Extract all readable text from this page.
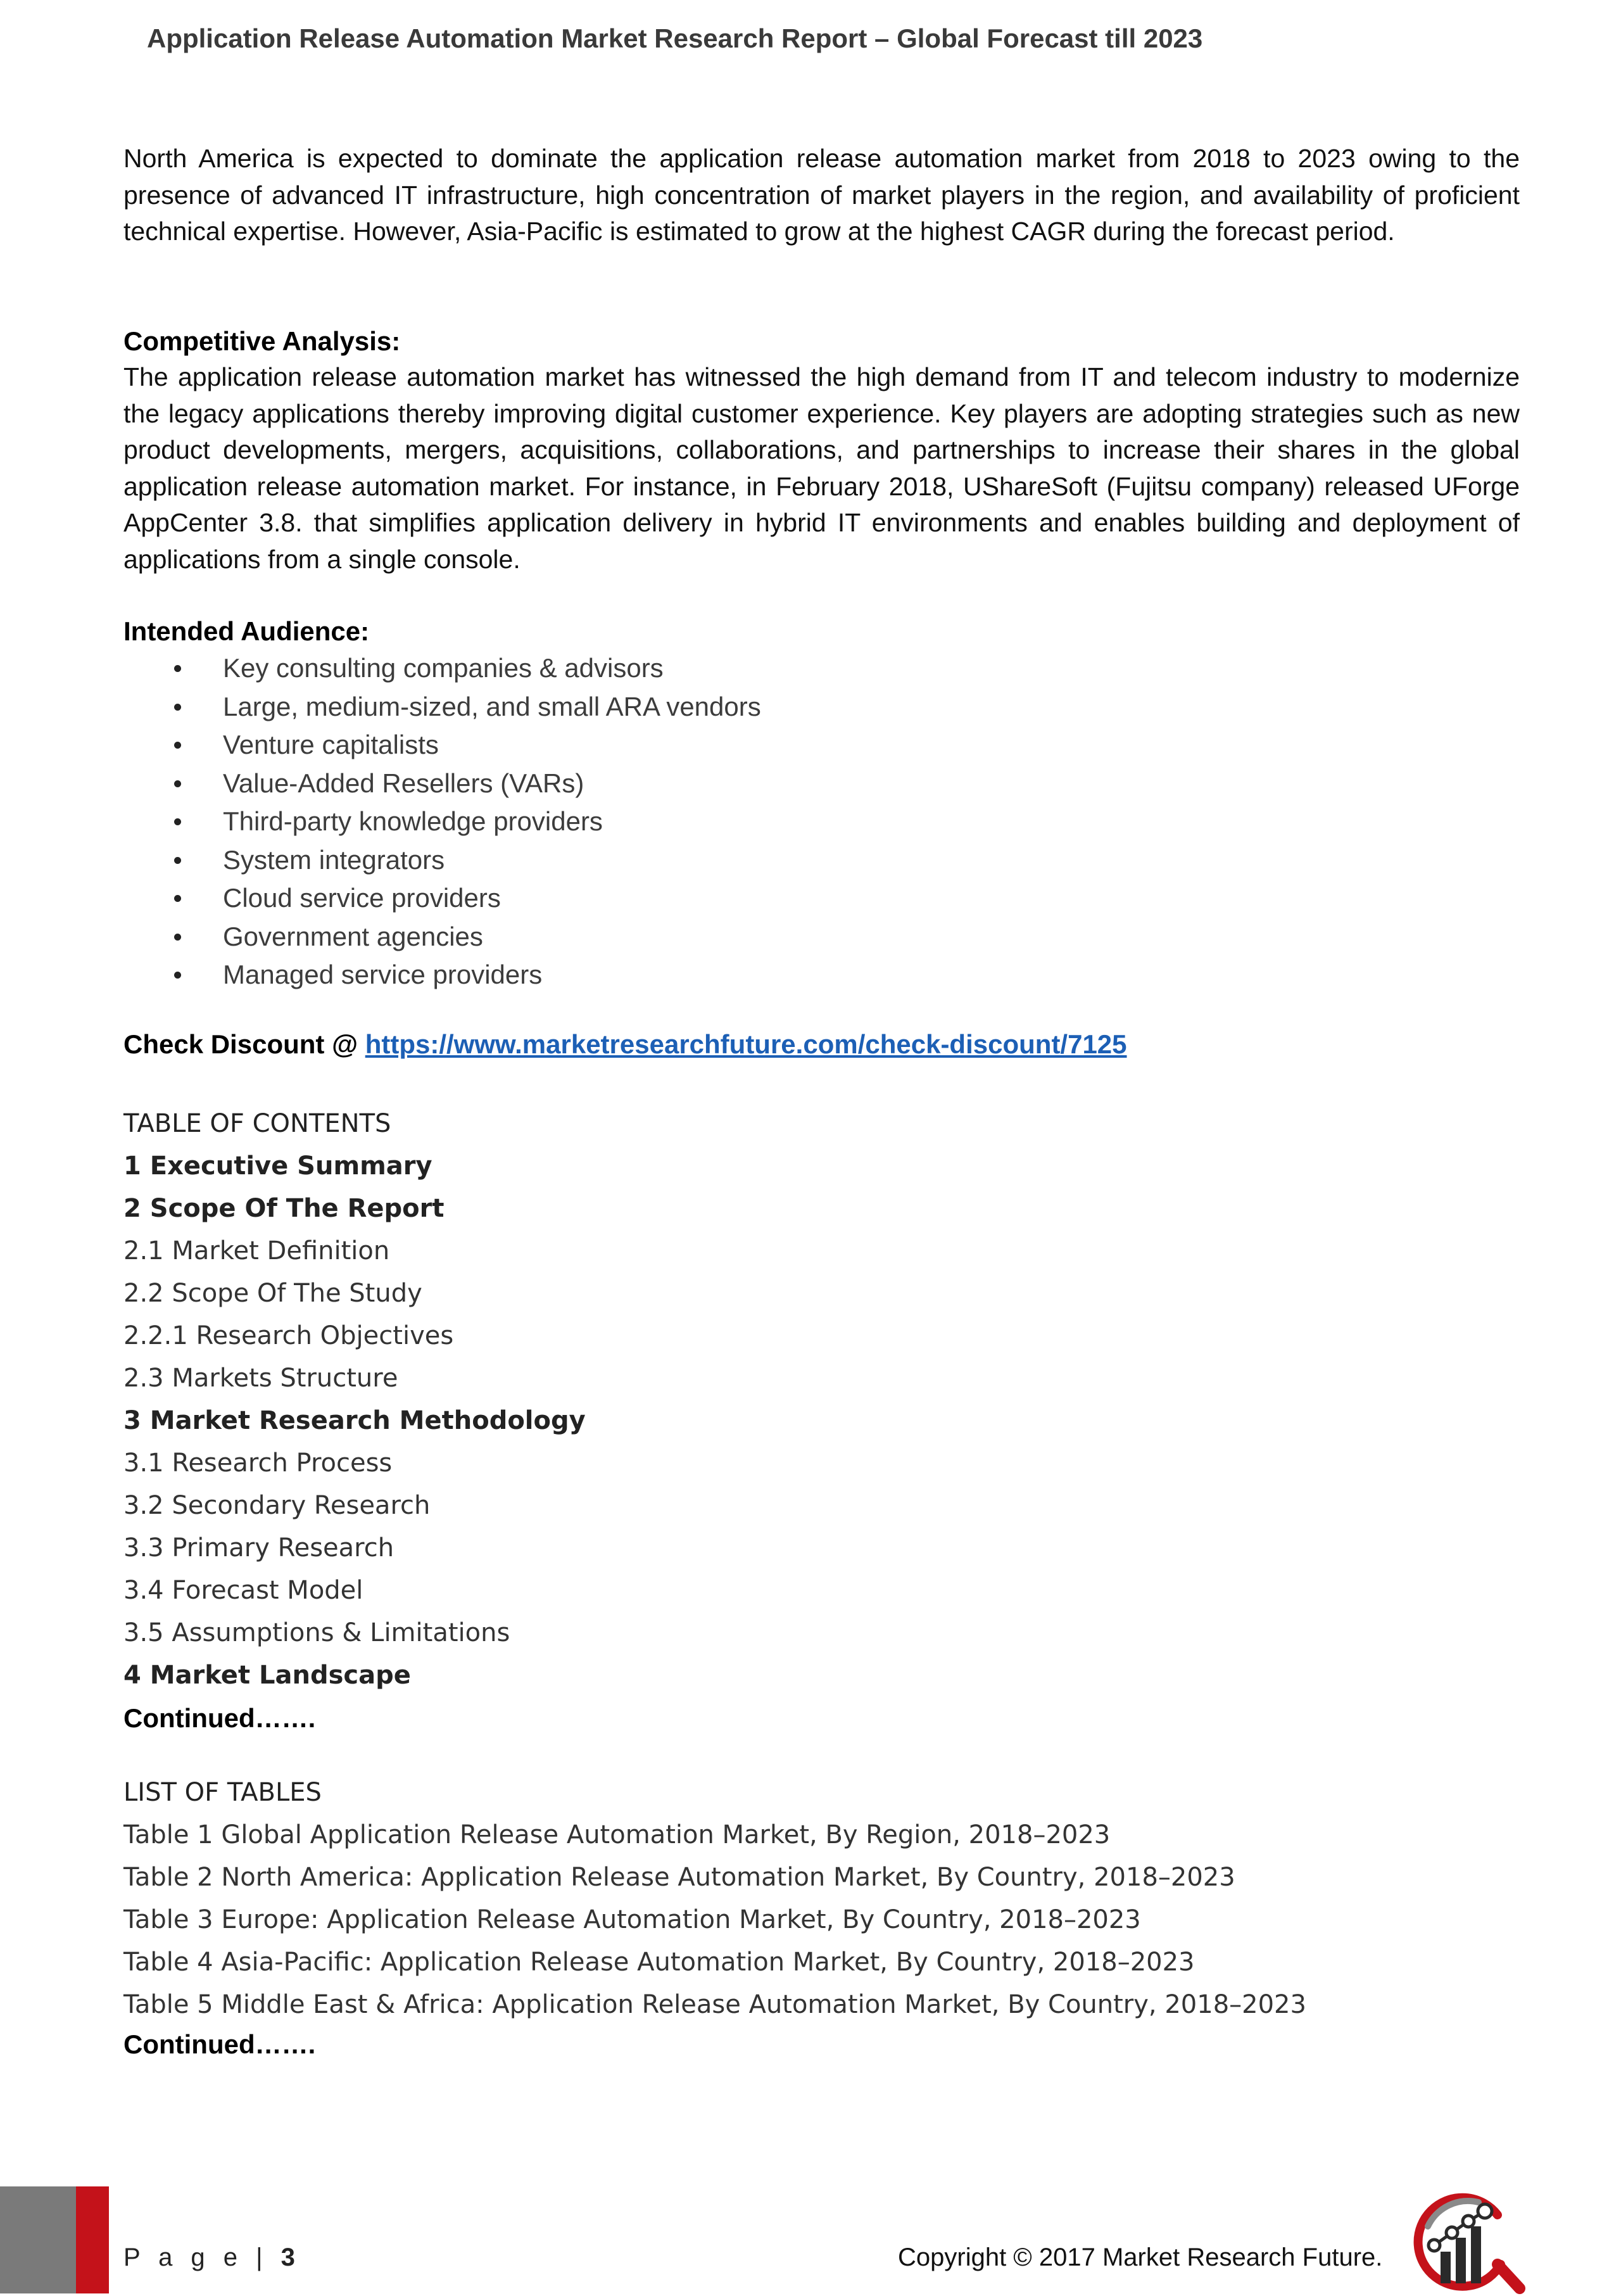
Application Release Automation Market Research Report – Global Forecast till 2023
North America is expected to dominate the application release automation market from 2018 to 2023 owing to the presence of advanced IT infrastructure, high concentration of market players in the region, and availability of proficient technical expertise. However, Asia-Pacific is estimated to grow at the highest CAGR during the forecast period.
Competitive Analysis:
The application release automation market has witnessed the high demand from IT and telecom industry to modernize the legacy applications thereby improving digital customer experience. Key players are adopting strategies such as new product developments, mergers, acquisitions, collaborations, and partnerships to increase their shares in the global application release automation market. For instance, in February 2018, UShareSoft (Fujitsu company) released UForge AppCenter 3.8. that simplifies application delivery in hybrid IT environments and enables building and deployment of applications from a single console.
Intended Audience:
Key consulting companies & advisors
Large, medium-sized, and small ARA vendors
Venture capitalists
Value-Added Resellers (VARs)
Third-party knowledge providers
System integrators
Cloud service providers
Government agencies
Managed service providers
Check Discount @ https://www.marketresearchfuture.com/check-discount/7125
TABLE OF CONTENTS
1 Executive Summary
2 Scope Of The Report
2.1 Market Definition
2.2 Scope Of The Study
2.2.1 Research Objectives
2.3 Markets Structure
3 Market Research Methodology
3.1 Research Process
3.2 Secondary Research
3.3 Primary Research
3.4 Forecast Model
3.5 Assumptions & Limitations
4 Market Landscape
Continued…….
LIST OF TABLES
Table 1 Global Application Release Automation Market, By Region, 2018–2023
Table 2 North America: Application Release Automation Market, By Country, 2018–2023
Table 3 Europe: Application Release Automation Market, By Country, 2018–2023
Table 4 Asia-Pacific: Application Release Automation Market, By Country, 2018–2023
Table 5 Middle East & Africa: Application Release Automation Market, By Country, 2018–2023
Continued…….
P a g e | 3	Copyright © 2017 Market Research Future.
